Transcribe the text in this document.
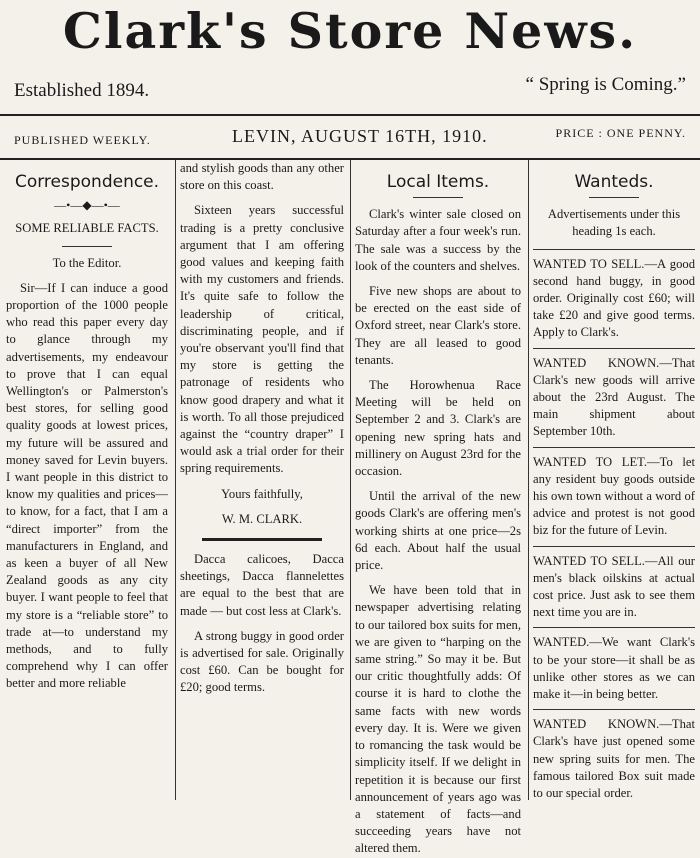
Clark's Store News.
Established 1894.	“ Spring is Coming.”
PUBLISHED WEEKLY.	LEVIN, AUGUST 16TH, 1910.	PRICE : ONE PENNY.
Correspondence.
—•—◆—•—

SOME RELIABLE FACTS.

To the Editor.

Sir—If I can induce a good proportion of the 1000 people who read this paper every day to glance through my advertisements, my endeavour to prove that I can equal Wellington's or Palmerston's best stores, for selling good quality goods at lowest prices, my future will be assured and money saved for Levin buyers. I want people in this district to know my qualities and prices—to know, for a fact, that I am a “direct importer” from the manufacturers in England, and as keen a buyer of all New Zealand goods as any city buyer. I want people to feel that my store is a “reliable store” to trade at—to understand my methods, and to fully comprehend why I can offer better and more reliable

and stylish goods than any other store on this coast.

Sixteen years successful trading is a pretty conclusive argument that I am offering good values and keeping faith with my customers and friends. It's quite safe to follow the leadership of critical, discriminating people, and if you're observant you'll find that my store is getting the patronage of residents who know good drapery and what it is worth. To all those prejudiced against the “country draper” I would ask a trial order for their spring requirements.

Yours faithfully,

W. M. CLARK.

Dacca calicoes, Dacca sheetings, Dacca flannelettes are equal to the best that are made — but cost less at Clark's.

A strong buggy in good order is advertised for sale. Originally cost £60. Can be bought for £20; good terms.

Local Items.

Clark's winter sale closed on Saturday after a four week's run. The sale was a success by the look of the counters and shelves.

Five new shops are about to be erected on the east side of Oxford street, near Clark's store. They are all leased to good tenants.

The Horowhenua Race Meeting will be held on September 2 and 3. Clark's are opening new spring hats and millinery on August 23rd for the occasion.

Until the arrival of the new goods Clark's are offering men's working shirts at one price—2s 6d each. About half the usual price.

We have been told that in newspaper advertising relating to our tailored box suits for men, we are given to “harping on the same string.” So may it be. But our critic thoughtfully adds: Of course it is hard to clothe the same facts with new words every day. It is. Were we given to romancing the task would be simplicity itself. If we delight in repetition it is because our first announcement of years ago was a statement of facts—and succeeding years have not altered them.

Wanteds.

Advertisements under this heading 1s each.

WANTED TO SELL.—A good second hand buggy, in good order. Originally cost £60; will take £20 and give good terms. Apply to Clark's.

WANTED KNOWN.—That Clark's new goods will arrive about the 23rd August. The main shipment about September 10th.

WANTED TO LET.—To let any resident buy goods outside his own town without a word of advice and protest is not good biz for the future of Levin.

WANTED TO SELL.—All our men's black oilskins at actual cost price. Just ask to see them next time you are in.

WANTED.—We want Clark's to be your store—it shall be as unlike other stores as we can make it—in being better.

WANTED KNOWN.—That Clark's have just opened some new spring suits for men. The famous tailored Box suit made to our special order.
